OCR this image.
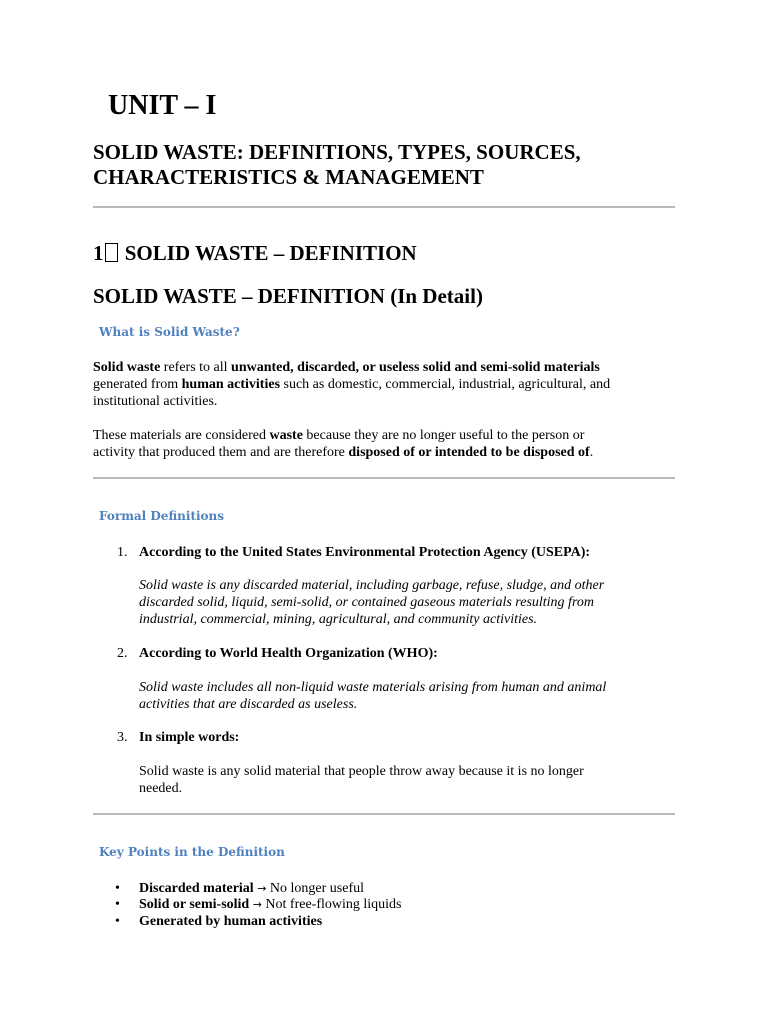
UNIT – I
SOLID WASTE: DEFINITIONS, TYPES, SOURCES,
CHARACTERISTICS & MANAGEMENT
1 SOLID WASTE – DEFINITION
SOLID WASTE – DEFINITION (In Detail)
What is Solid Waste?
Solid waste refers to all unwanted, discarded, or useless solid and semi-solid materials
generated from human activities such as domestic, commercial, industrial, agricultural, and
institutional activities.
These materials are considered waste because they are no longer useful to the person or
activity that produced them and are therefore disposed of or intended to be disposed of.
Formal Definitions
1. According to the United States Environmental Protection Agency (USEPA):
Solid waste is any discarded material, including garbage, refuse, sludge, and other
discarded solid, liquid, semi-solid, or contained gaseous materials resulting from
industrial, commercial, mining, agricultural, and community activities.
2. According to World Health Organization (WHO):
Solid waste includes all non-liquid waste materials arising from human and animal
activities that are discarded as useless.
3. In simple words:
Solid waste is any solid material that people throw away because it is no longer
needed.
Key Points in the Definition
• Discarded material → No longer useful
• Solid or semi-solid → Not free-flowing liquids
• Generated by human activities
